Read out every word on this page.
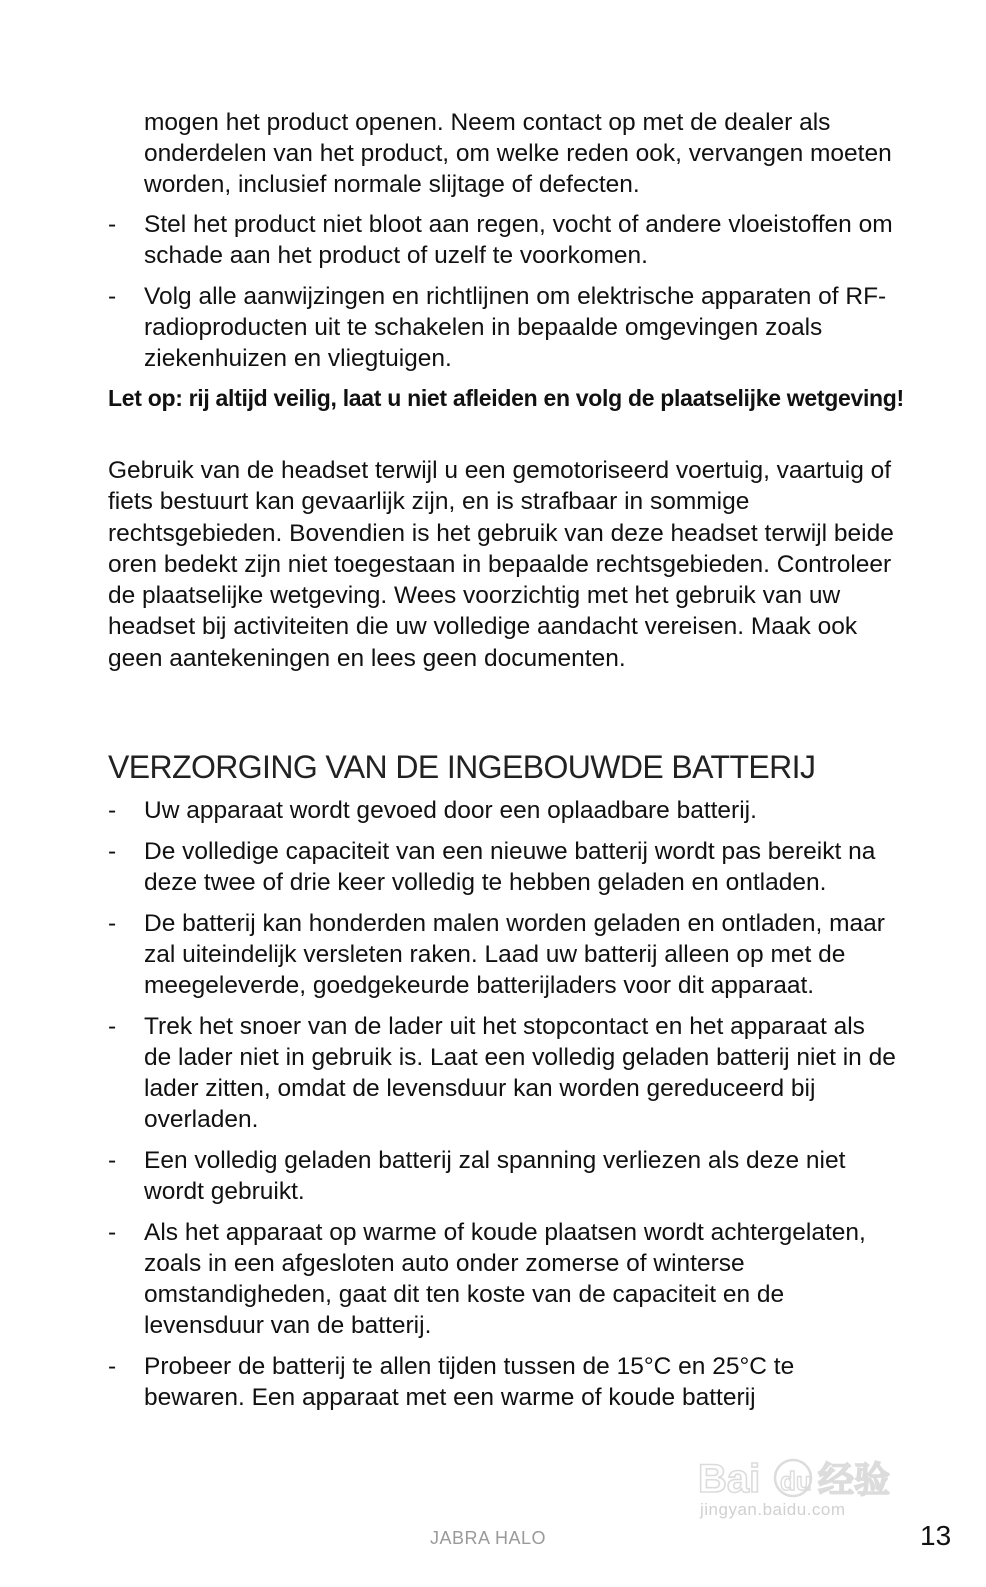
mogen het product openen. Neem contact op met de dealer als onderdelen van het product, om welke reden ook, vervangen moeten worden, inclusief normale slijtage of defecten.

- Stel het product niet bloot aan regen, vocht of andere vloeistoffen om schade aan het product of uzelf te voorkomen.
- Volg alle aanwijzingen en richtlijnen om elektrische apparaten of RF-radioproducten uit te schakelen in bepaalde omgevingen zoals ziekenhuizen en vliegtuigen.

Let op: rij altijd veilig, laat u niet afleiden en volg de plaatselijke wetgeving!

Gebruik van de headset terwijl u een gemotoriseerd voertuig, vaartuig of fiets bestuurt kan gevaarlijk zijn, en is strafbaar in sommige rechtsgebieden. Bovendien is het gebruik van deze headset terwijl beide oren bedekt zijn niet toegestaan in bepaalde rechtsgebieden. Controleer de plaatselijke wetgeving. Wees voorzichtig met het gebruik van uw headset bij activiteiten die uw volledige aandacht vereisen. Maak ook geen aantekeningen en lees geen documenten.

VERZORGING VAN DE INGEBOUWDE BATTERIJ
- Uw apparaat wordt gevoed door een oplaadbare batterij.
- De volledige capaciteit van een nieuwe batterij wordt pas bereikt na deze twee of drie keer volledig te hebben geladen en ontladen.
- De batterij kan honderden malen worden geladen en ontladen, maar zal uiteindelijk versleten raken. Laad uw batterij alleen op met de meegeleverde, goedgekeurde batterijladers voor dit apparaat.
- Trek het snoer van de lader uit het stopcontact en het apparaat als de lader niet in gebruik is. Laat een volledig geladen batterij niet in de lader zitten, omdat de levensduur kan worden gereduceerd bij overladen.
- Een volledig geladen batterij zal spanning verliezen als deze niet wordt gebruikt.
- Als het apparaat op warme of koude plaatsen wordt achtergelaten, zoals in een afgesloten auto onder zomerse of winterse omstandigheden, gaat dit ten koste van de capaciteit en de levensduur van de batterij.
- Probeer de batterij te allen tijden tussen de 15°C en 25°C te bewaren. Een apparaat met een warme of koude batterij
Bai du 经验
jingyan.baidu.com
JABRA HALO	13
